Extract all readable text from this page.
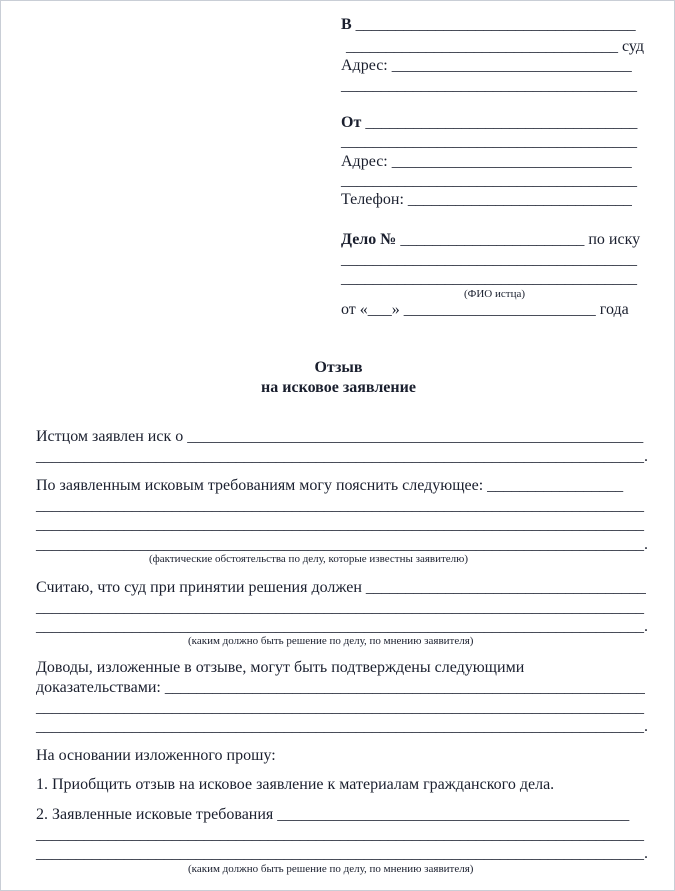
В ___________________________________
__________________________________ суд
Адрес: ______________________________
_____________________________________
От __________________________________
_____________________________________
Адрес: ______________________________
_____________________________________
Телефон: ____________________________
Дело № _______________________ по иску
_____________________________________
_____________________________________
(ФИО истца)
от «___» ________________________ года
Отзыв
на исковое заявление
Истцом заявлен иск о _________________________________________________________
____________________________________________________________________________.
По заявленным исковым требованиям могу пояснить следующее: _________________
____________________________________________________________________________
____________________________________________________________________________
____________________________________________________________________________.
(фактические обстоятельства по делу, которые известны заявителю)
Считаю, что суд при принятии решения должен ___________________________________
____________________________________________________________________________
____________________________________________________________________________.
(каким должно быть решение по делу, по мнению заявителя)
Доводы, изложенные в отзыве, могут быть подтверждены следующими
доказательствами: ____________________________________________________________
____________________________________________________________________________
____________________________________________________________________________.
На основании изложенного прошу:
1. Приобщить отзыв на исковое заявление к материалам гражданского дела.
2. Заявленные исковые требования ____________________________________________
____________________________________________________________________________
____________________________________________________________________________.
(каким должно быть решение по делу, по мнению заявителя)
